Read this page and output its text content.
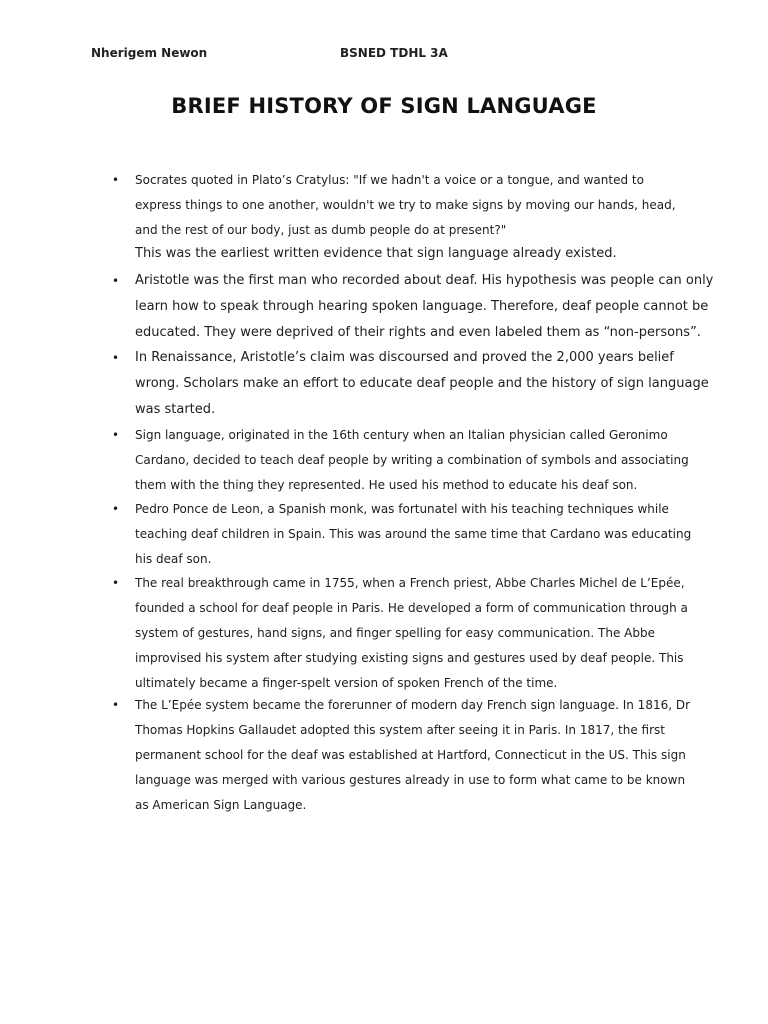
Nherigem Newon	BSNED TDHL 3A
BRIEF HISTORY OF SIGN LANGUAGE
• Socrates quoted in Plato’s Cratylus: "If we hadn't a voice or a tongue, and wanted to
express things to one another, wouldn't we try to make signs by moving our hands, head,
and the rest of our body, just as dumb people do at present?"
This was the earliest written evidence that sign language already existed.
• Aristotle was the first man who recorded about deaf. His hypothesis was people can only
learn how to speak through hearing spoken language. Therefore, deaf people cannot be
educated. They were deprived of their rights and even labeled them as “non-persons”.
• In Renaissance, Aristotle’s claim was discoursed and proved the 2,000 years belief
wrong. Scholars make an effort to educate deaf people and the history of sign language
was started.
• Sign language, originated in the 16th century when an Italian physician called Geronimo
Cardano, decided to teach deaf people by writing a combination of symbols and associating
them with the thing they represented. He used his method to educate his deaf son.
• Pedro Ponce de Leon, a Spanish monk, was fortunatel with his teaching techniques while
teaching deaf children in Spain. This was around the same time that Cardano was educating
his deaf son.
• The real breakthrough came in 1755, when a French priest, Abbe Charles Michel de L’Epée,
founded a school for deaf people in Paris. He developed a form of communication through a
system of gestures, hand signs, and finger spelling for easy communication. The Abbe
improvised his system after studying existing signs and gestures used by deaf people. This
ultimately became a finger-spelt version of spoken French of the time.
• The L’Epée system became the forerunner of modern day French sign language. In 1816, Dr
Thomas Hopkins Gallaudet adopted this system after seeing it in Paris. In 1817, the first
permanent school for the deaf was established at Hartford, Connecticut in the US. This sign
language was merged with various gestures already in use to form what came to be known
as American Sign Language.
